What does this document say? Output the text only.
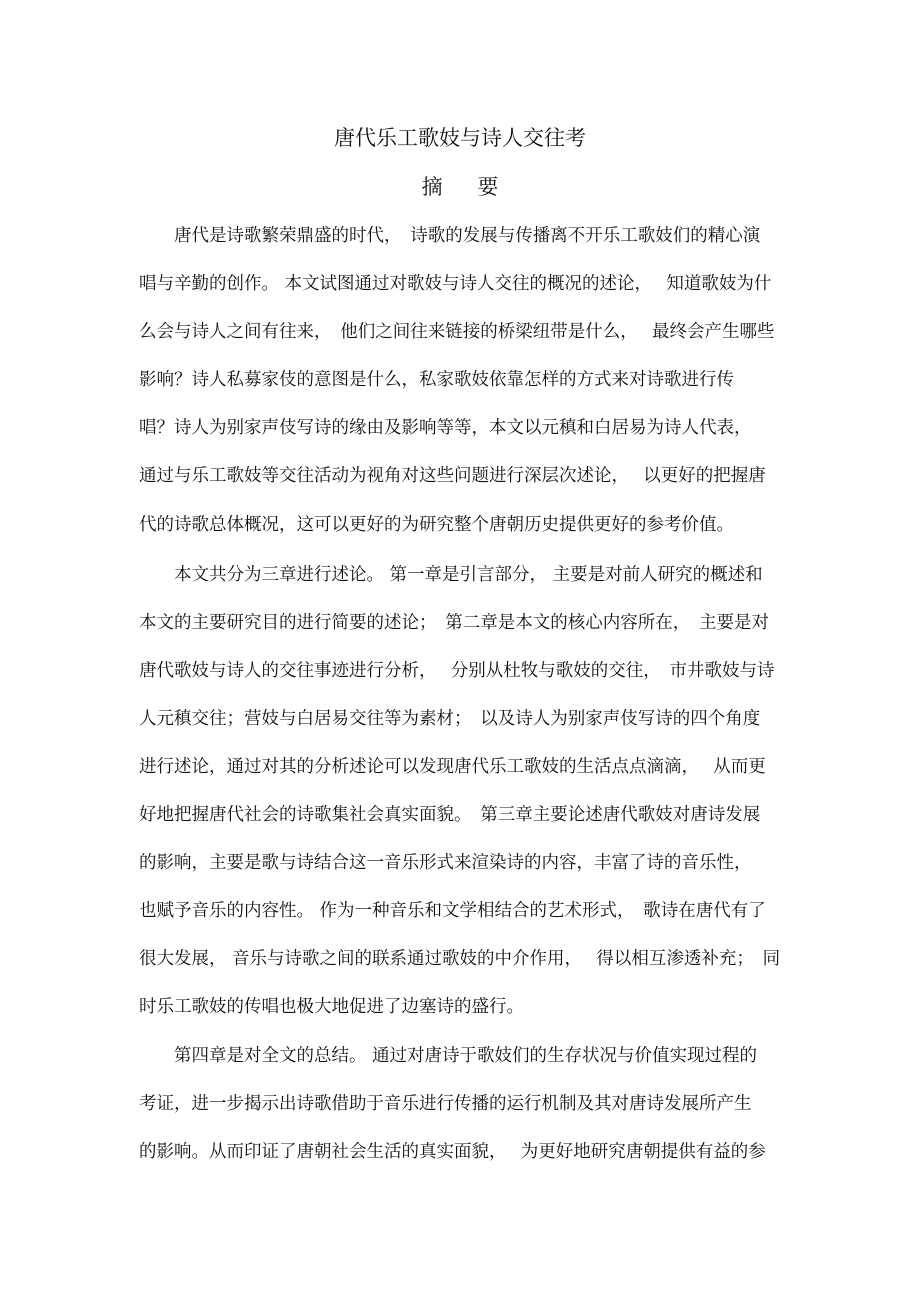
唐代乐工歌妓与诗人交往考
摘 要
　　唐代是诗歌繁荣鼎盛的时代，　诗歌的发展与传播离不开乐工歌妓们的精心演
唱与辛勤的创作。 本文试图通过对歌妓与诗人交往的概况的述论，　 知道歌妓为什
么会与诗人之间有往来，　他们之间往来链接的桥梁纽带是什么，　 最终会产生哪些
影响？诗人私募家伎的意图是什么，私家歌妓依靠怎样的方式来对诗歌进行传
唱？诗人为别家声伎写诗的缘由及影响等等，本文以元稹和白居易为诗人代表，
通过与乐工歌妓等交往活动为视角对这些问题进行深层次述论，　 以更好的把握唐
代的诗歌总体概况，这可以更好的为研究整个唐朝历史提供更好的参考价值。
　　本文共分为三章进行述论。 第一章是引言部分， 主要是对前人研究的概述和
本文的主要研究目的进行简要的述论；　第二章是本文的核心内容所在，　主要是对
唐代歌妓与诗人的交往事迹进行分析，　 分别从杜牧与歌妓的交往，　市井歌妓与诗
人元稹交往；营妓与白居易交往等为素材；　以及诗人为别家声伎写诗的四个角度
进行述论，通过对其的分析述论可以发现唐代乐工歌妓的生活点点滴滴，　 从而更
好地把握唐代社会的诗歌集社会真实面貌。　第三章主要论述唐代歌妓对唐诗发展
的影响，主要是歌与诗结合这一音乐形式来渲染诗的内容，丰富了诗的音乐性，
也赋予音乐的内容性。 作为一种音乐和文学相结合的艺术形式，　歌诗在唐代有了
很大发展， 音乐与诗歌之间的联系通过歌妓的中介作用，　 得以相互渗透补充；　同
时乐工歌妓的传唱也极大地促进了边塞诗的盛行。
　　第四章是对全文的总结。 通过对唐诗于歌妓们的生存状况与价值实现过程的
考证，进一步揭示出诗歌借助于音乐进行传播的运行机制及其对唐诗发展所产生
的影响。从而印证了唐朝社会生活的真实面貌，　 为更好地研究唐朝提供有益的参
